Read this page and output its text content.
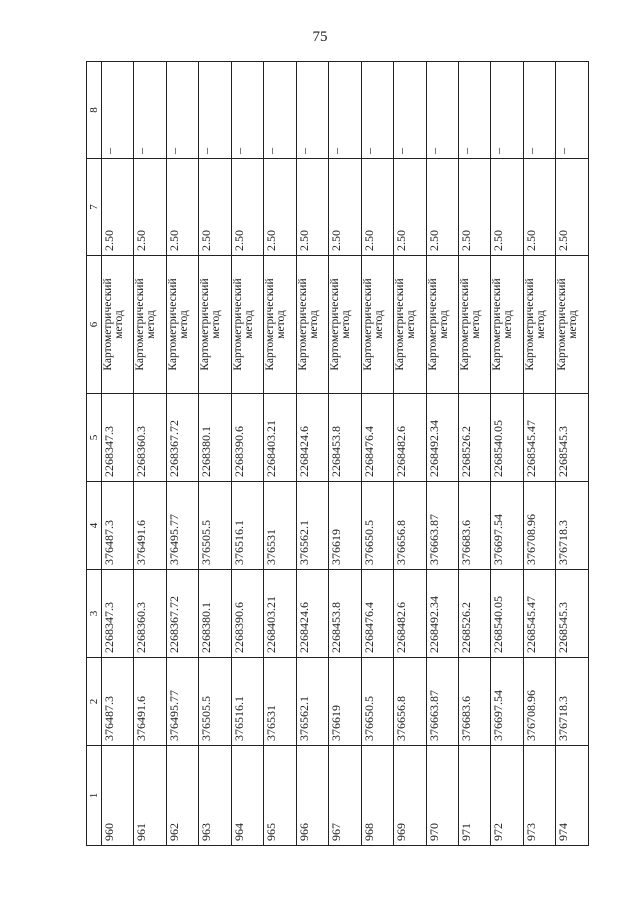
75
1	2	3	4	5	6	7	8
960	376487.3	2268347.3	376487.3	2268347.3	Картометрический метод	2.50	–
961	376491.6	2268360.3	376491.6	2268360.3	Картометрический метод	2.50	–
962	376495.77	2268367.72	376495.77	2268367.72	Картометрический метод	2.50	–
963	376505.5	2268380.1	376505.5	2268380.1	Картометрический метод	2.50	–
964	376516.1	2268390.6	376516.1	2268390.6	Картометрический метод	2.50	–
965	376531	2268403.21	376531	2268403.21	Картометрический метод	2.50	–
966	376562.1	2268424.6	376562.1	2268424.6	Картометрический метод	2.50	–
967	376619	2268453.8	376619	2268453.8	Картометрический метод	2.50	–
968	376650.5	2268476.4	376650.5	2268476.4	Картометрический метод	2.50	–
969	376656.8	2268482.6	376656.8	2268482.6	Картометрический метод	2.50	–
970	376663.87	2268492.34	376663.87	2268492.34	Картометрический метод	2.50	–
971	376683.6	2268526.2	376683.6	2268526.2	Картометрический метод	2.50	–
972	376697.54	2268540.05	376697.54	2268540.05	Картометрический метод	2.50	–
973	376708.96	2268545.47	376708.96	2268545.47	Картометрический метод	2.50	–
974	376718.3	2268545.3	376718.3	2268545.3	Картометрический метод	2.50	–
